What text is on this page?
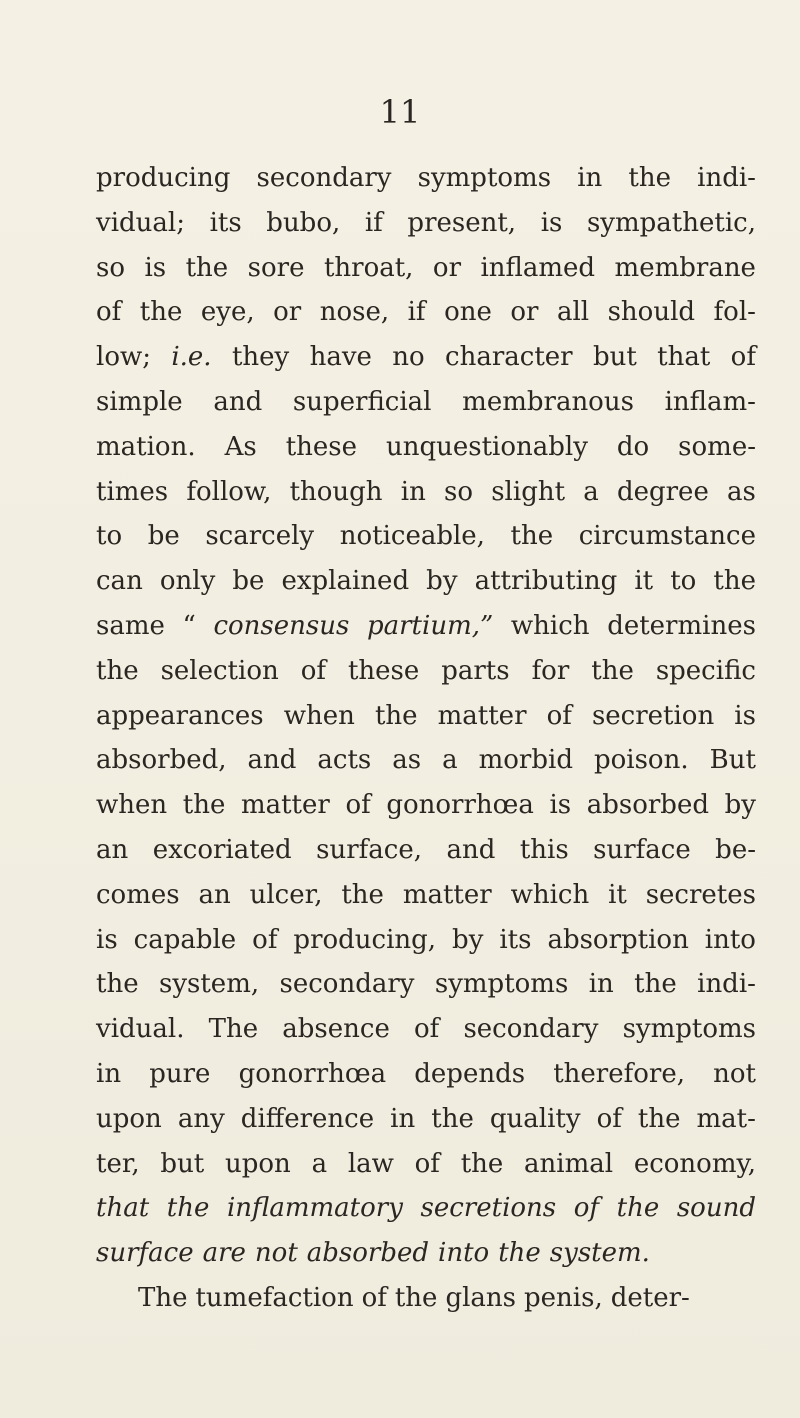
11
producing secondary symptoms in the indi-
vidual; its bubo, if present, is sympathetic,
so is the sore throat, or inflamed membrane
of the eye, or nose, if one or all should fol-
low; i.e. they have no character but that of
simple and superficial membranous inflam-
mation. As these unquestionably do some-
times follow, though in so slight a degree as
to be scarcely noticeable, the circumstance
can only be explained by attributing it to the
same “ consensus partium,” which determines
the selection of these parts for the specific
appearances when the matter of secretion is
absorbed, and acts as a morbid poison. But
when the matter of gonorrhœa is absorbed by
an excoriated surface, and this surface be-
comes an ulcer, the matter which it secretes
is capable of producing, by its absorption into
the system, secondary symptoms in the indi-
vidual. The absence of secondary symptoms
in pure gonorrhœa depends therefore, not
upon any difference in the quality of the mat-
ter, but upon a law of the animal economy,
that the inflammatory secretions of the sound
surface are not absorbed into the system.
The tumefaction of the glans penis, deter-
